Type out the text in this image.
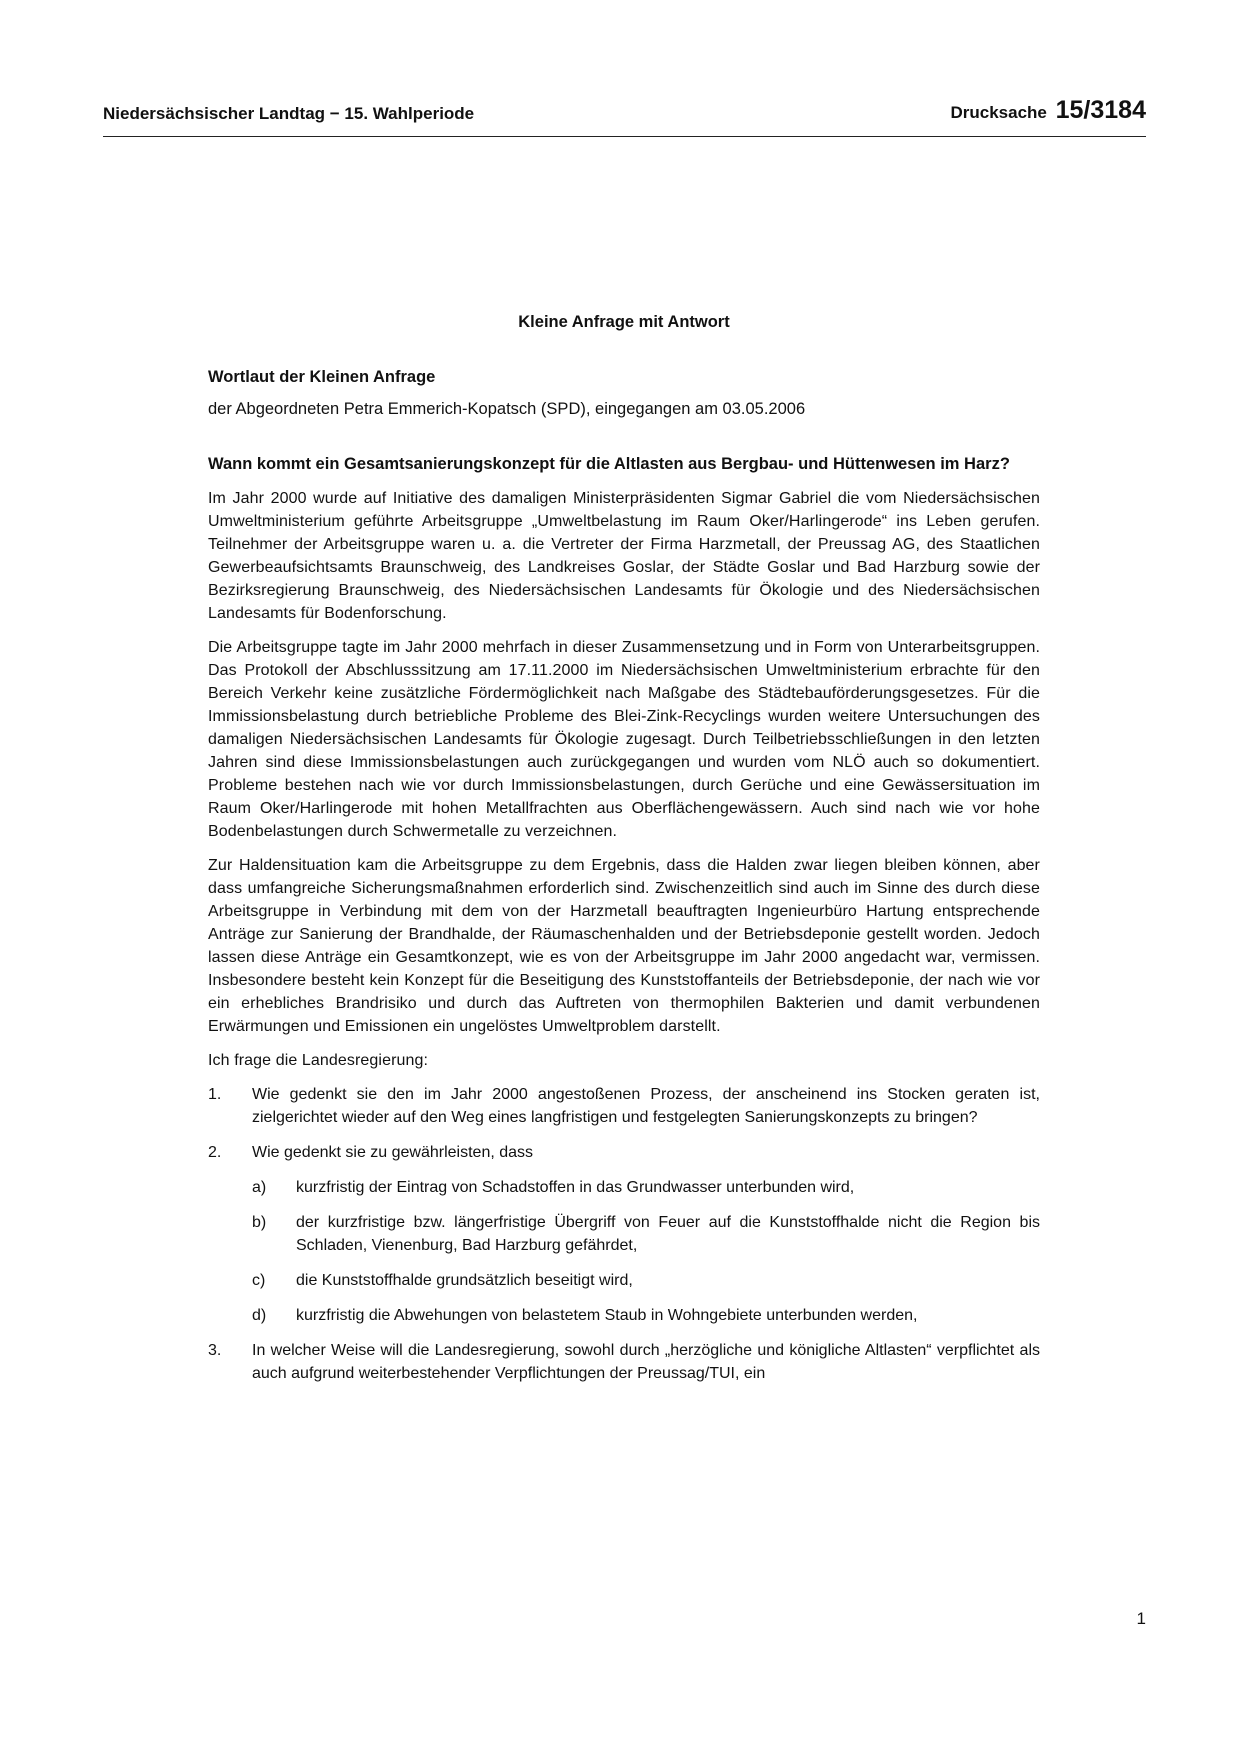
Niedersächsischer Landtag − 15. Wahlperiode	Drucksache 15/3184
Kleine Anfrage mit Antwort
Wortlaut der Kleinen Anfrage
der Abgeordneten Petra Emmerich-Kopatsch (SPD), eingegangen am 03.05.2006
Wann kommt ein Gesamtsanierungskonzept für die Altlasten aus Bergbau- und Hüttenwesen im Harz?

Im Jahr 2000 wurde auf Initiative des damaligen Ministerpräsidenten Sigmar Gabriel die vom Niedersächsischen Umweltministerium geführte Arbeitsgruppe „Umweltbelastung im Raum Oker/Harlingerode“ ins Leben gerufen. Teilnehmer der Arbeitsgruppe waren u. a. die Vertreter der Firma Harzmetall, der Preussag AG, des Staatlichen Gewerbeaufsichtsamts Braunschweig, des Landkreises Goslar, der Städte Goslar und Bad Harzburg sowie der Bezirksregierung Braunschweig, des Niedersächsischen Landesamts für Ökologie und des Niedersächsischen Landesamts für Bodenforschung.

Die Arbeitsgruppe tagte im Jahr 2000 mehrfach in dieser Zusammensetzung und in Form von Unterarbeitsgruppen. Das Protokoll der Abschlusssitzung am 17.11.2000 im Niedersächsischen Umweltministerium erbrachte für den Bereich Verkehr keine zusätzliche Fördermöglichkeit nach Maßgabe des Städtebauförderungsgesetzes. Für die Immissionsbelastung durch betriebliche Probleme des Blei-Zink-Recyclings wurden weitere Untersuchungen des damaligen Niedersächsischen Landesamts für Ökologie zugesagt. Durch Teilbetriebsschließungen in den letzten Jahren sind diese Immissionsbelastungen auch zurückgegangen und wurden vom NLÖ auch so dokumentiert. Probleme bestehen nach wie vor durch Immissionsbelastungen, durch Gerüche und eine Gewässersituation im Raum Oker/Harlingerode mit hohen Metallfrachten aus Oberflächengewässern. Auch sind nach wie vor hohe Bodenbelastungen durch Schwermetalle zu verzeichnen.

Zur Haldensituation kam die Arbeitsgruppe zu dem Ergebnis, dass die Halden zwar liegen bleiben können, aber dass umfangreiche Sicherungsmaßnahmen erforderlich sind. Zwischenzeitlich sind auch im Sinne des durch diese Arbeitsgruppe in Verbindung mit dem von der Harzmetall beauftragten Ingenieurbüro Hartung entsprechende Anträge zur Sanierung der Brandhalde, der Räumaschenhalden und der Betriebsdeponie gestellt worden. Jedoch lassen diese Anträge ein Gesamtkonzept, wie es von der Arbeitsgruppe im Jahr 2000 angedacht war, vermissen. Insbesondere besteht kein Konzept für die Beseitigung des Kunststoffanteils der Betriebsdeponie, der nach wie vor ein erhebliches Brandrisiko und durch das Auftreten von thermophilen Bakterien und damit verbundenen Erwärmungen und Emissionen ein ungelöstes Umweltproblem darstellt.

Ich frage die Landesregierung:

1. Wie gedenkt sie den im Jahr 2000 angestoßenen Prozess, der anscheinend ins Stocken geraten ist, zielgerichtet wieder auf den Weg eines langfristigen und festgelegten Sanierungskonzepts zu bringen?
2. Wie gedenkt sie zu gewährleisten, dass
a) kurzfristig der Eintrag von Schadstoffen in das Grundwasser unterbunden wird,
b) der kurzfristige bzw. längerfristige Übergriff von Feuer auf die Kunststoffhalde nicht die Region bis Schladen, Vienenburg, Bad Harzburg gefährdet,
c) die Kunststoffhalde grundsätzlich beseitigt wird,
d) kurzfristig die Abwehungen von belastetem Staub in Wohngebiete unterbunden werden,
3. In welcher Weise will die Landesregierung, sowohl durch „herzögliche und königliche Altlasten“ verpflichtet als auch aufgrund weiterbestehender Verpflichtungen der Preussag/TUI, ein
1
